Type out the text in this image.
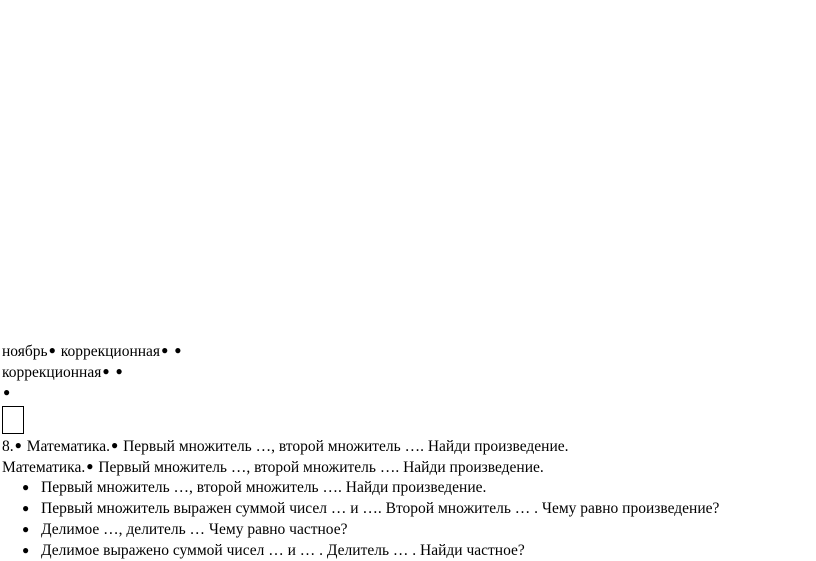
ноябрь● коррекционная● ●
коррекционная● ●
●
8.● Математика.● Первый множитель …, второй множитель …. Найди произведение.
Математика.● Первый множитель …, второй множитель …. Найди произведение.
● Первый множитель …, второй множитель …. Найди произведение.
● Первый множитель выражен суммой чисел … и …. Второй множитель … . Чему равно произведение?
● Делимое …, делитель … Чему равно частное?
● Делимое выражено суммой чисел … и … . Делитель … . Найди частное?
